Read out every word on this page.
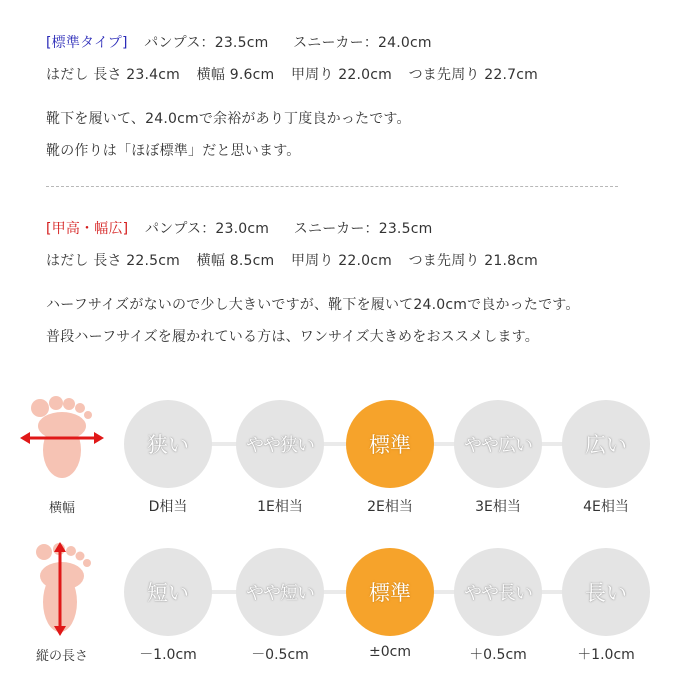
[標準タイプ] パンプス：23.5cm スニーカー：24.0cm
はだし 長さ 23.4cm 横幅 9.6cm 甲周り 22.0cm つま先周り 22.7cm
靴下を履いて、24.0cmで余裕があり丁度良かったです。
靴の作りは「ほぼ標準」だと思います。
[甲高・幅広] パンプス：23.0cm スニーカー：23.5cm
はだし 長さ 22.5cm 横幅 8.5cm 甲周り 22.0cm つま先周り 21.8cm
ハーフサイズがないので少し大きいですが、靴下を履いて24.0cmで良かったです。
普段ハーフサイズを履かれている方は、ワンサイズ大きめをおススメします。
横幅
狭い
D相当
やや狭い
1E相当
標準
2E相当
やや広い
3E相当
広い
4E相当
縦の長さ
短い
－1.0cm
やや短い
－0.5cm
標準
±0cm
やや長い
＋0.5cm
長い
＋1.0cm
